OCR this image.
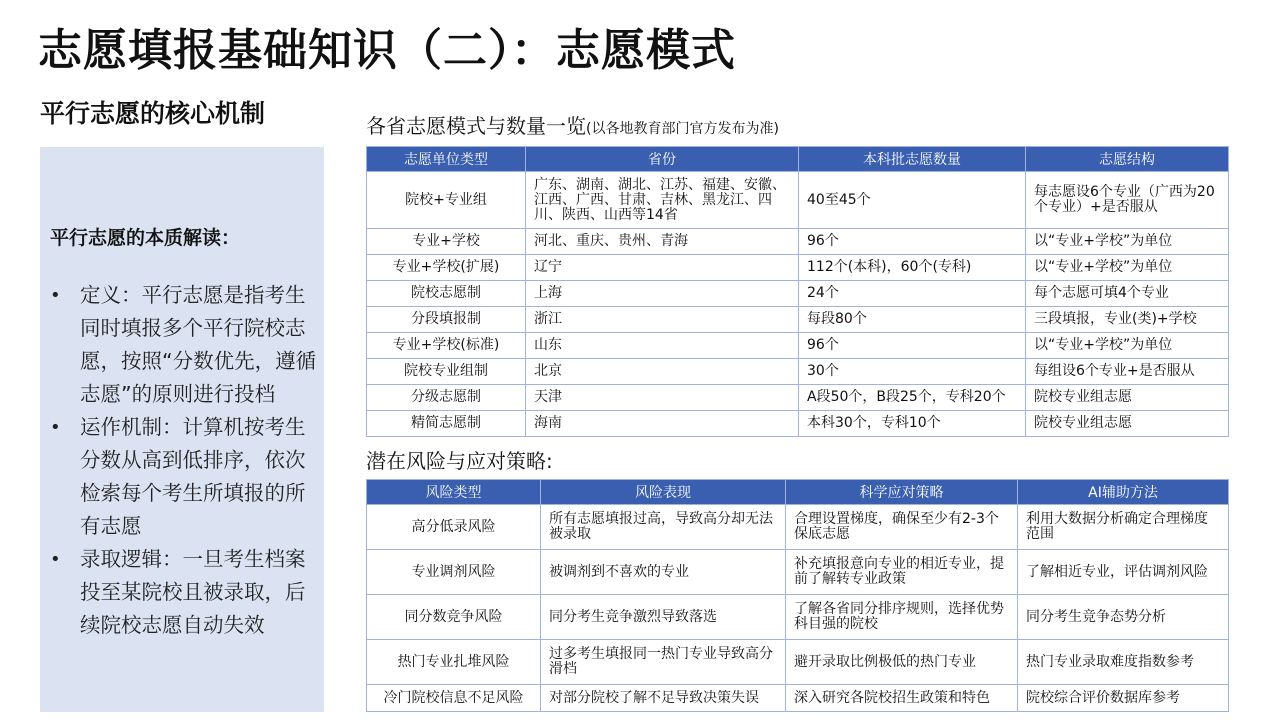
志愿填报基础知识（二）：志愿模式
平行志愿的核心机制
平行志愿的本质解读：
• 定义：平行志愿是指考生同时填报多个平行院校志愿，按照“分数优先，遵循志愿”的原则进行投档
• 运作机制：计算机按考生分数从高到低排序，依次检索每个考生所填报的所有志愿
• 录取逻辑：一旦考生档案投至某院校且被录取，后续院校志愿自动失效
各省志愿模式与数量一览(以各地教育部门官方发布为准)
志愿单位类型	省份	本科批志愿数量	志愿结构
院校+专业组	广东、湖南、湖北、江苏、福建、安徽、江西、广西、甘肃、吉林、黑龙江、四川、陕西、山西等14省	40至45个	每志愿设6个专业（广西为20个专业）+是否服从
专业+学校	河北、重庆、贵州、青海	96个	以“专业+学校”为单位
专业+学校(扩展)	辽宁	112个(本科)，60个(专科)	以“专业+学校”为单位
院校志愿制	上海	24个	每个志愿可填4个专业
分段填报制	浙江	每段80个	三段填报，专业(类)+学校
专业+学校(标准)	山东	96个	以“专业+学校”为单位
院校专业组制	北京	30个	每组设6个专业+是否服从
分级志愿制	天津	A段50个，B段25个，专科20个	院校专业组志愿
精简志愿制	海南	本科30个，专科10个	院校专业组志愿
潜在风险与应对策略:
风险类型	风险表现	科学应对策略	AI辅助方法
高分低录风险	所有志愿填报过高，导致高分却无法被录取	合理设置梯度，确保至少有2-3个保底志愿	利用大数据分析确定合理梯度范围
专业调剂风险	被调剂到不喜欢的专业	补充填报意向专业的相近专业，提前了解转专业政策	了解相近专业，评估调剂风险
同分数竞争风险	同分考生竞争激烈导致落选	了解各省同分排序规则，选择优势科目强的院校	同分考生竞争态势分析
热门专业扎堆风险	过多考生填报同一热门专业导致高分滑档	避开录取比例极低的热门专业	热门专业录取难度指数参考
冷门院校信息不足风险	对部分院校了解不足导致决策失误	深入研究各院校招生政策和特色	院校综合评价数据库参考
